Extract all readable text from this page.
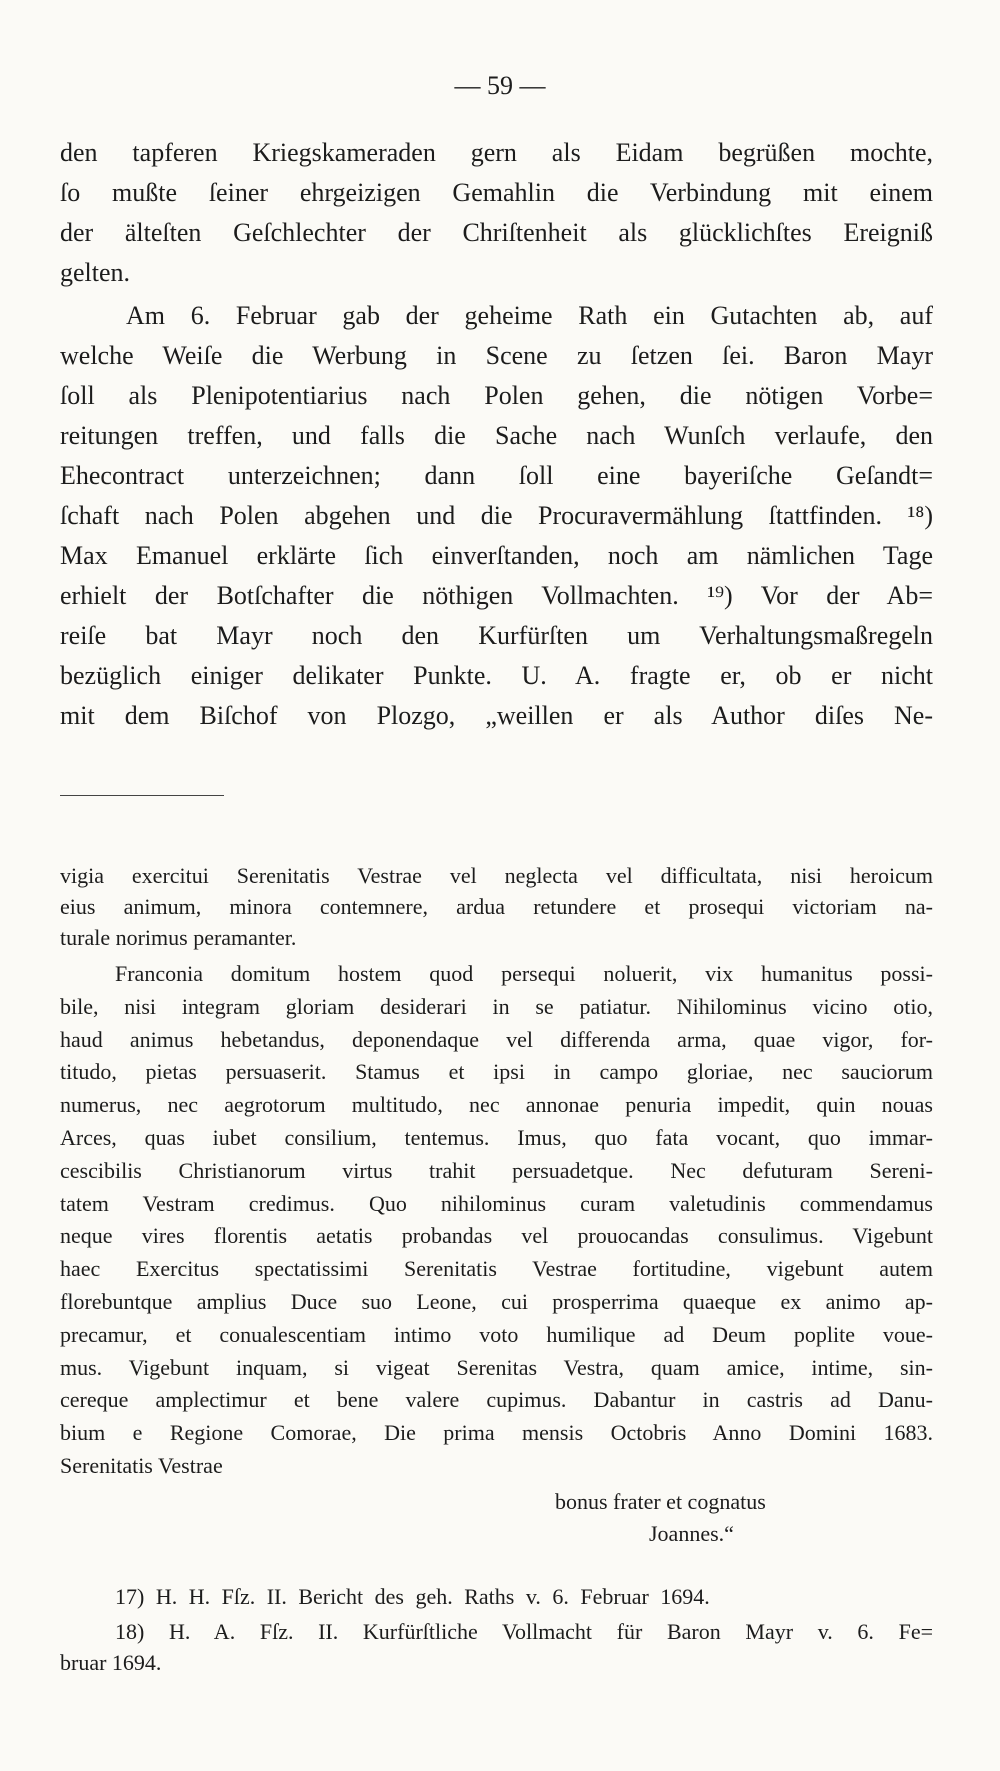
— 59 —
den tapferen Kriegskameraden gern als Eidam begrüßen mochte,
ſo mußte ſeiner ehrgeizigen Gemahlin die Verbindung mit einem
der älteſten Geſchlechter der Chriſtenheit als glücklichſtes Ereigniß
gelten.
Am 6. Februar gab der geheime Rath ein Gutachten ab, auf
welche Weiſe die Werbung in Scene zu ſetzen ſei. Baron Mayr
ſoll als Plenipotentiarius nach Polen gehen, die nötigen Vorbe=
reitungen treffen, und falls die Sache nach Wunſch verlaufe, den
Ehecontract unterzeichnen; dann ſoll eine bayeriſche Geſandt=
ſchaft nach Polen abgehen und die Procuravermählung ſtattfinden. ¹⁸)
Max Emanuel erklärte ſich einverſtanden, noch am nämlichen Tage
erhielt der Botſchafter die nöthigen Vollmachten. ¹⁹) Vor der Ab=
reiſe bat Mayr noch den Kurfürſten um Verhaltungsmaßregeln
bezüglich einiger delikater Punkte. U. A. fragte er, ob er nicht
mit dem Biſchof von Plozgo, „weillen er als Author diſes Ne-
vigia exercitui Serenitatis Vestrae vel neglecta vel difficultata, nisi heroicum
eius animum, minora contemnere, ardua retundere et prosequi victoriam na-
turale norimus peramanter.
Franconia domitum hostem quod persequi noluerit, vix humanitus possi-
bile, nisi integram gloriam desiderari in se patiatur. Nihilominus vicino otio,
haud animus hebetandus, deponendaque vel differenda arma, quae vigor, for-
titudo, pietas persuaserit. Stamus et ipsi in campo gloriae, nec sauciorum
numerus, nec aegrotorum multitudo, nec annonae penuria impedit, quin nouas
Arces, quas iubet consilium, tentemus. Imus, quo fata vocant, quo immar-
cescibilis Christianorum virtus trahit persuadetque. Nec defuturam Sereni-
tatem Vestram credimus. Quo nihilominus curam valetudinis commendamus
neque vires florentis aetatis probandas vel prouocandas consulimus. Vigebunt
haec Exercitus spectatissimi Serenitatis Vestrae fortitudine, vigebunt autem
florebuntque amplius Duce suo Leone, cui prosperrima quaeque ex animo ap-
precamur, et conualescentiam intimo voto humilique ad Deum poplite voue-
mus. Vigebunt inquam, si vigeat Serenitas Vestra, quam amice, intime, sin-
cereque amplectimur et bene valere cupimus. Dabantur in castris ad Danu-
bium e Regione Comorae, Die prima mensis Octobris Anno Domini 1683.
Serenitatis Vestrae
bonus frater et cognatus
Joannes.“
17) H. H. Fſz. II. Bericht des geh. Raths v. 6. Februar 1694.
18) H. A. Fſz. II. Kurfürſtliche Vollmacht für Baron Mayr v. 6. Fe=
bruar 1694.
